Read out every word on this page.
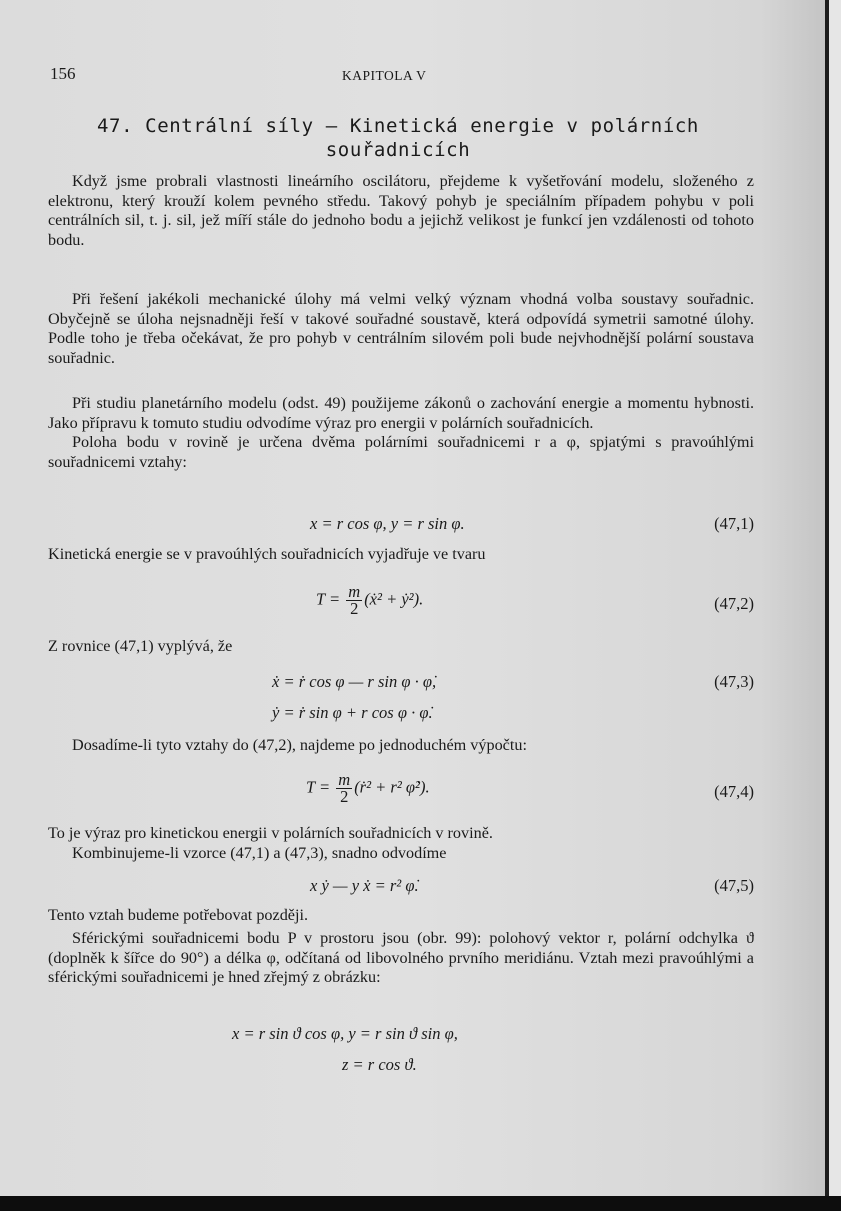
156	KAPITOLA V
47. Centrální síly – Kinetická energie v polárních
souřadnicích

Když jsme probrali vlastnosti lineárního oscilátoru, přejdeme k vyšetřování modelu, složeného z elektronu, který krouží kolem pevného středu. Takový pohyb je speciálním případem pohybu v poli centrálních sil, t. j. sil, jež míří stále do jednoho bodu a jejichž velikost je funkcí jen vzdálenosti od tohoto bodu.

Při řešení jakékoli mechanické úlohy má velmi velký význam vhodná volba soustavy souřadnic. Obyčejně se úloha nejsnadněji řeší v takové souřadné soustavě, která odpovídá symetrii samotné úlohy. Podle toho je třeba očekávat, že pro pohyb v centrálním silovém poli bude nejvhodnější polární soustava souřadnic.

Při studiu planetárního modelu (odst. 49) použijeme zákonů o zachování energie a momentu hybnosti. Jako přípravu k tomuto studiu odvodíme výraz pro energii v polárních souřadnicích.

Poloha bodu v rovině je určena dvěma polárními souřadnicemi r a φ, spjatými s pravoúhlými souřadnicemi vztahy:

x = r cos φ, y = r sin φ.	(47,1)

Kinetická energie se v pravoúhlých souřadnicích vyjadřuje ve tvaru

$T = \frac{m}{2}$ (ẋ² + ẏ²).	(47,2)

Z rovnice (47,1) vyplývá, že

ẋ = ṙ cos φ — r sin φ · φ̇,	(47,3)
ẏ = ṙ sin φ + r cos φ · φ̇.

Dosadíme-li tyto vztahy do (47,2), najdeme po jednoduchém výpočtu:

$T = \frac{m}{2}$ (ṙ² + r² φ̇²).	(47,4)

To je výraz pro kinetickou energii v polárních souřadnicích v rovině.

Kombinujeme-li vzorce (47,1) a (47,3), snadno odvodíme

x ẏ — y ẋ = r² φ̇.	(47,5)

Tento vztah budeme potřebovat později.

Sférickými souřadnicemi bodu P v prostoru jsou (obr. 99): polohový vektor r, polární odchylka ϑ (doplněk k šířce do 90°) a délka φ, odčítaná od libovolného prvního meridiánu. Vztah mezi pravoúhlými a sférickými souřadnicemi je hned zřejmý z obrázku:

x = r sin ϑ cos φ, y = r sin ϑ sin φ,
z = r cos ϑ.
